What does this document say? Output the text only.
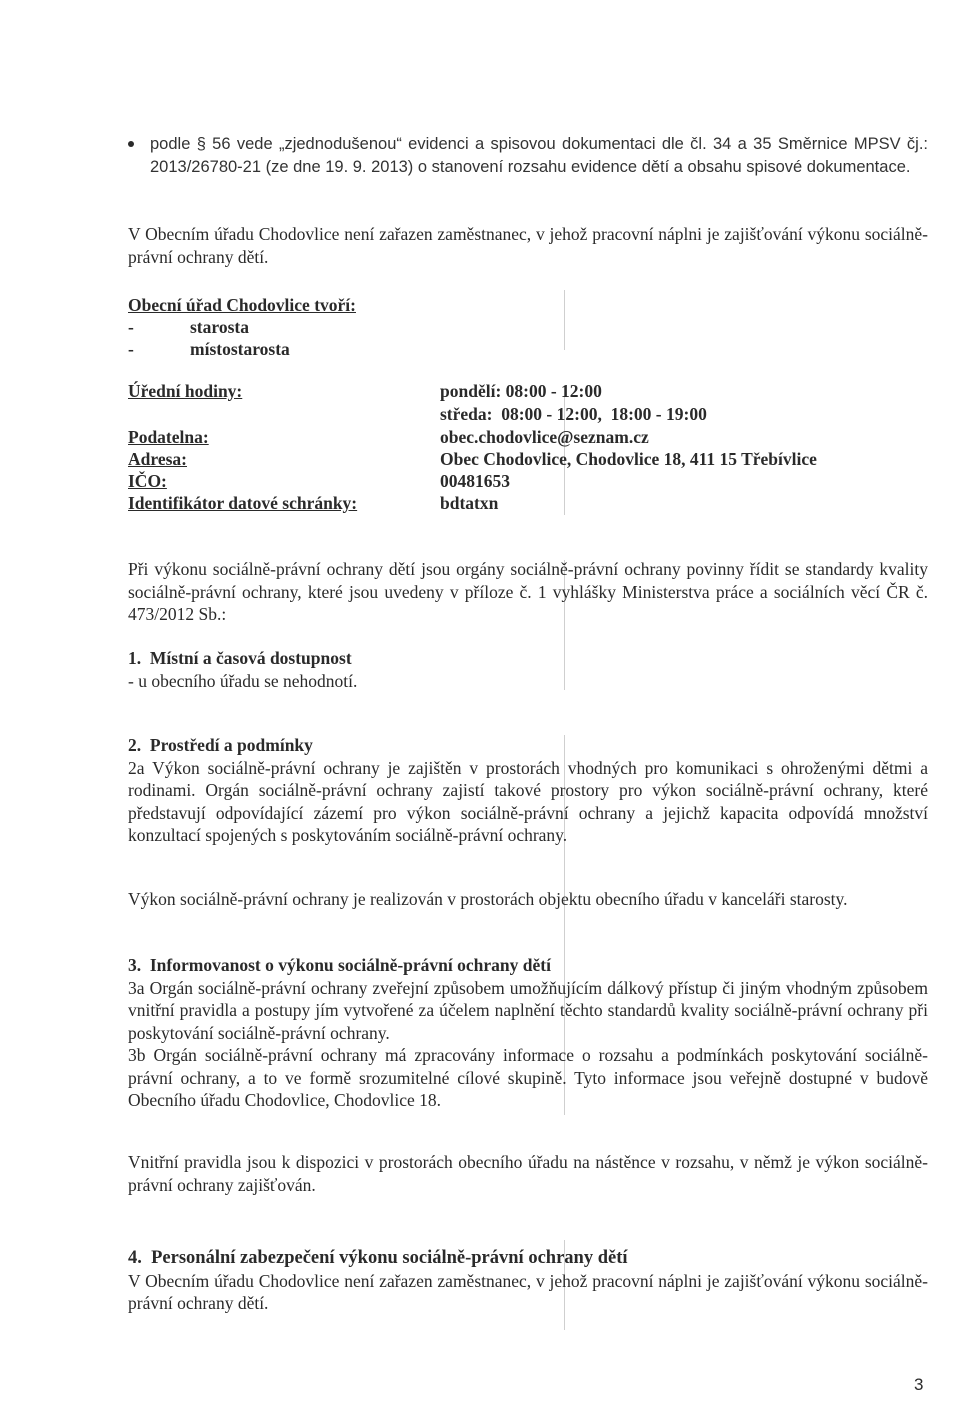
podle § 56 vede „zjednodušenou“ evidenci a spisovou dokumentaci dle čl. 34 a 35 Směrnice MPSV čj.: 2013/26780-21 (ze dne 19. 9. 2013) o stanovení rozsahu evidence dětí a obsahu spisové dokumentace.
V Obecním úřadu Chodovlice není zařazen zaměstnanec, v jehož pracovní náplni je zajišťování výkonu sociálně-právní ochrany dětí.
Obecní úřad Chodovlice tvoří:
-	starosta
-	místostarosta
Úřední hodiny:	pondělí: 08:00 - 12:00
středa:  08:00 - 12:00,  18:00 - 19:00
Podatelna:	obec.chodovlice@seznam.cz
Adresa:	Obec Chodovlice, Chodovlice 18, 411 15 Třebívlice
IČO:	00481653
Identifikátor datové schránky:	bdtatxn
Při výkonu sociálně-právní ochrany dětí jsou orgány sociálně-právní ochrany povinny řídit se standardy kvality sociálně-právní ochrany, které jsou uvedeny v příloze č. 1 vyhlášky Ministerstva práce a sociálních věcí ČR č. 473/2012 Sb.:
1.  Místní a časová dostupnost
- u obecního úřadu se nehodnotí.
2.  Prostředí a podmínky
2a Výkon sociálně-právní ochrany je zajištěn v prostorách vhodných pro komunikaci s ohroženými dětmi a rodinami. Orgán sociálně-právní ochrany zajistí takové prostory pro výkon sociálně-právní ochrany, které představují odpovídající zázemí pro výkon sociálně-právní ochrany a jejichž kapacita odpovídá množství konzultací spojených s poskytováním sociálně-právní ochrany.
Výkon sociálně-právní ochrany je realizován v prostorách objektu obecního úřadu v kanceláři starosty.
3.  Informovanost o výkonu sociálně-právní ochrany dětí
3a Orgán sociálně-právní ochrany zveřejní způsobem umožňujícím dálkový přístup či jiným vhodným způsobem vnitřní pravidla a postupy jím vytvořené za účelem naplnění těchto standardů kvality sociálně-právní ochrany při poskytování sociálně-právní ochrany.
3b Orgán sociálně-právní ochrany má zpracovány informace o rozsahu a podmínkách poskytování sociálně-právní ochrany, a to ve formě srozumitelné cílové skupině. Tyto informace jsou veřejně dostupné v budově Obecního úřadu Chodovlice, Chodovlice 18.
Vnitřní pravidla jsou k dispozici v prostorách obecního úřadu na nástěnce v rozsahu, v němž je výkon sociálně-právní ochrany zajišťován.
4.  Personální zabezpečení výkonu sociálně-právní ochrany dětí
V Obecním úřadu Chodovlice není zařazen zaměstnanec, v jehož pracovní náplni je zajišťování výkonu sociálně-právní ochrany dětí.
3
